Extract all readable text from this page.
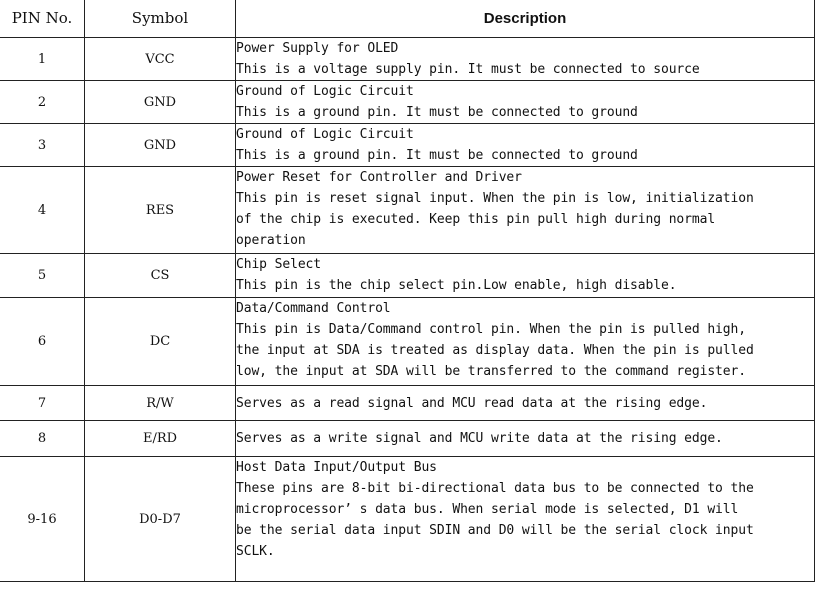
PIN No.	Symbol	Description
1	VCC	Power Supply for OLED
This is a voltage supply pin. It must be connected to source

2	GND	Ground of Logic Circuit
This is a ground pin. It must be connected to ground

3	GND	Ground of Logic Circuit
This is a ground pin. It must be connected to ground

4	RES	Power Reset for Controller and Driver
This pin is reset signal input. When the pin is low, initialization
of the chip is executed. Keep this pin pull high during normal
operation

5	CS	Chip Select
This pin is the chip select pin.Low enable, high disable.

6	DC	Data/Command Control
This pin is Data/Command control pin. When the pin is pulled high,
the input at SDA is treated as display data. When the pin is pulled
low, the input at SDA will be transferred to the command register.

7	R/W	Serves as a read signal and MCU read data at the rising edge.

8	E/RD	Serves as a write signal and MCU write data at the rising edge.

9-16	D0-D7	Host Data Input/Output Bus
These pins are 8-bit bi-directional data bus to be connected to the
microprocessor’ s data bus. When serial mode is selected, D1 will
be the serial data input SDIN and D0 will be the serial clock input
SCLK.
